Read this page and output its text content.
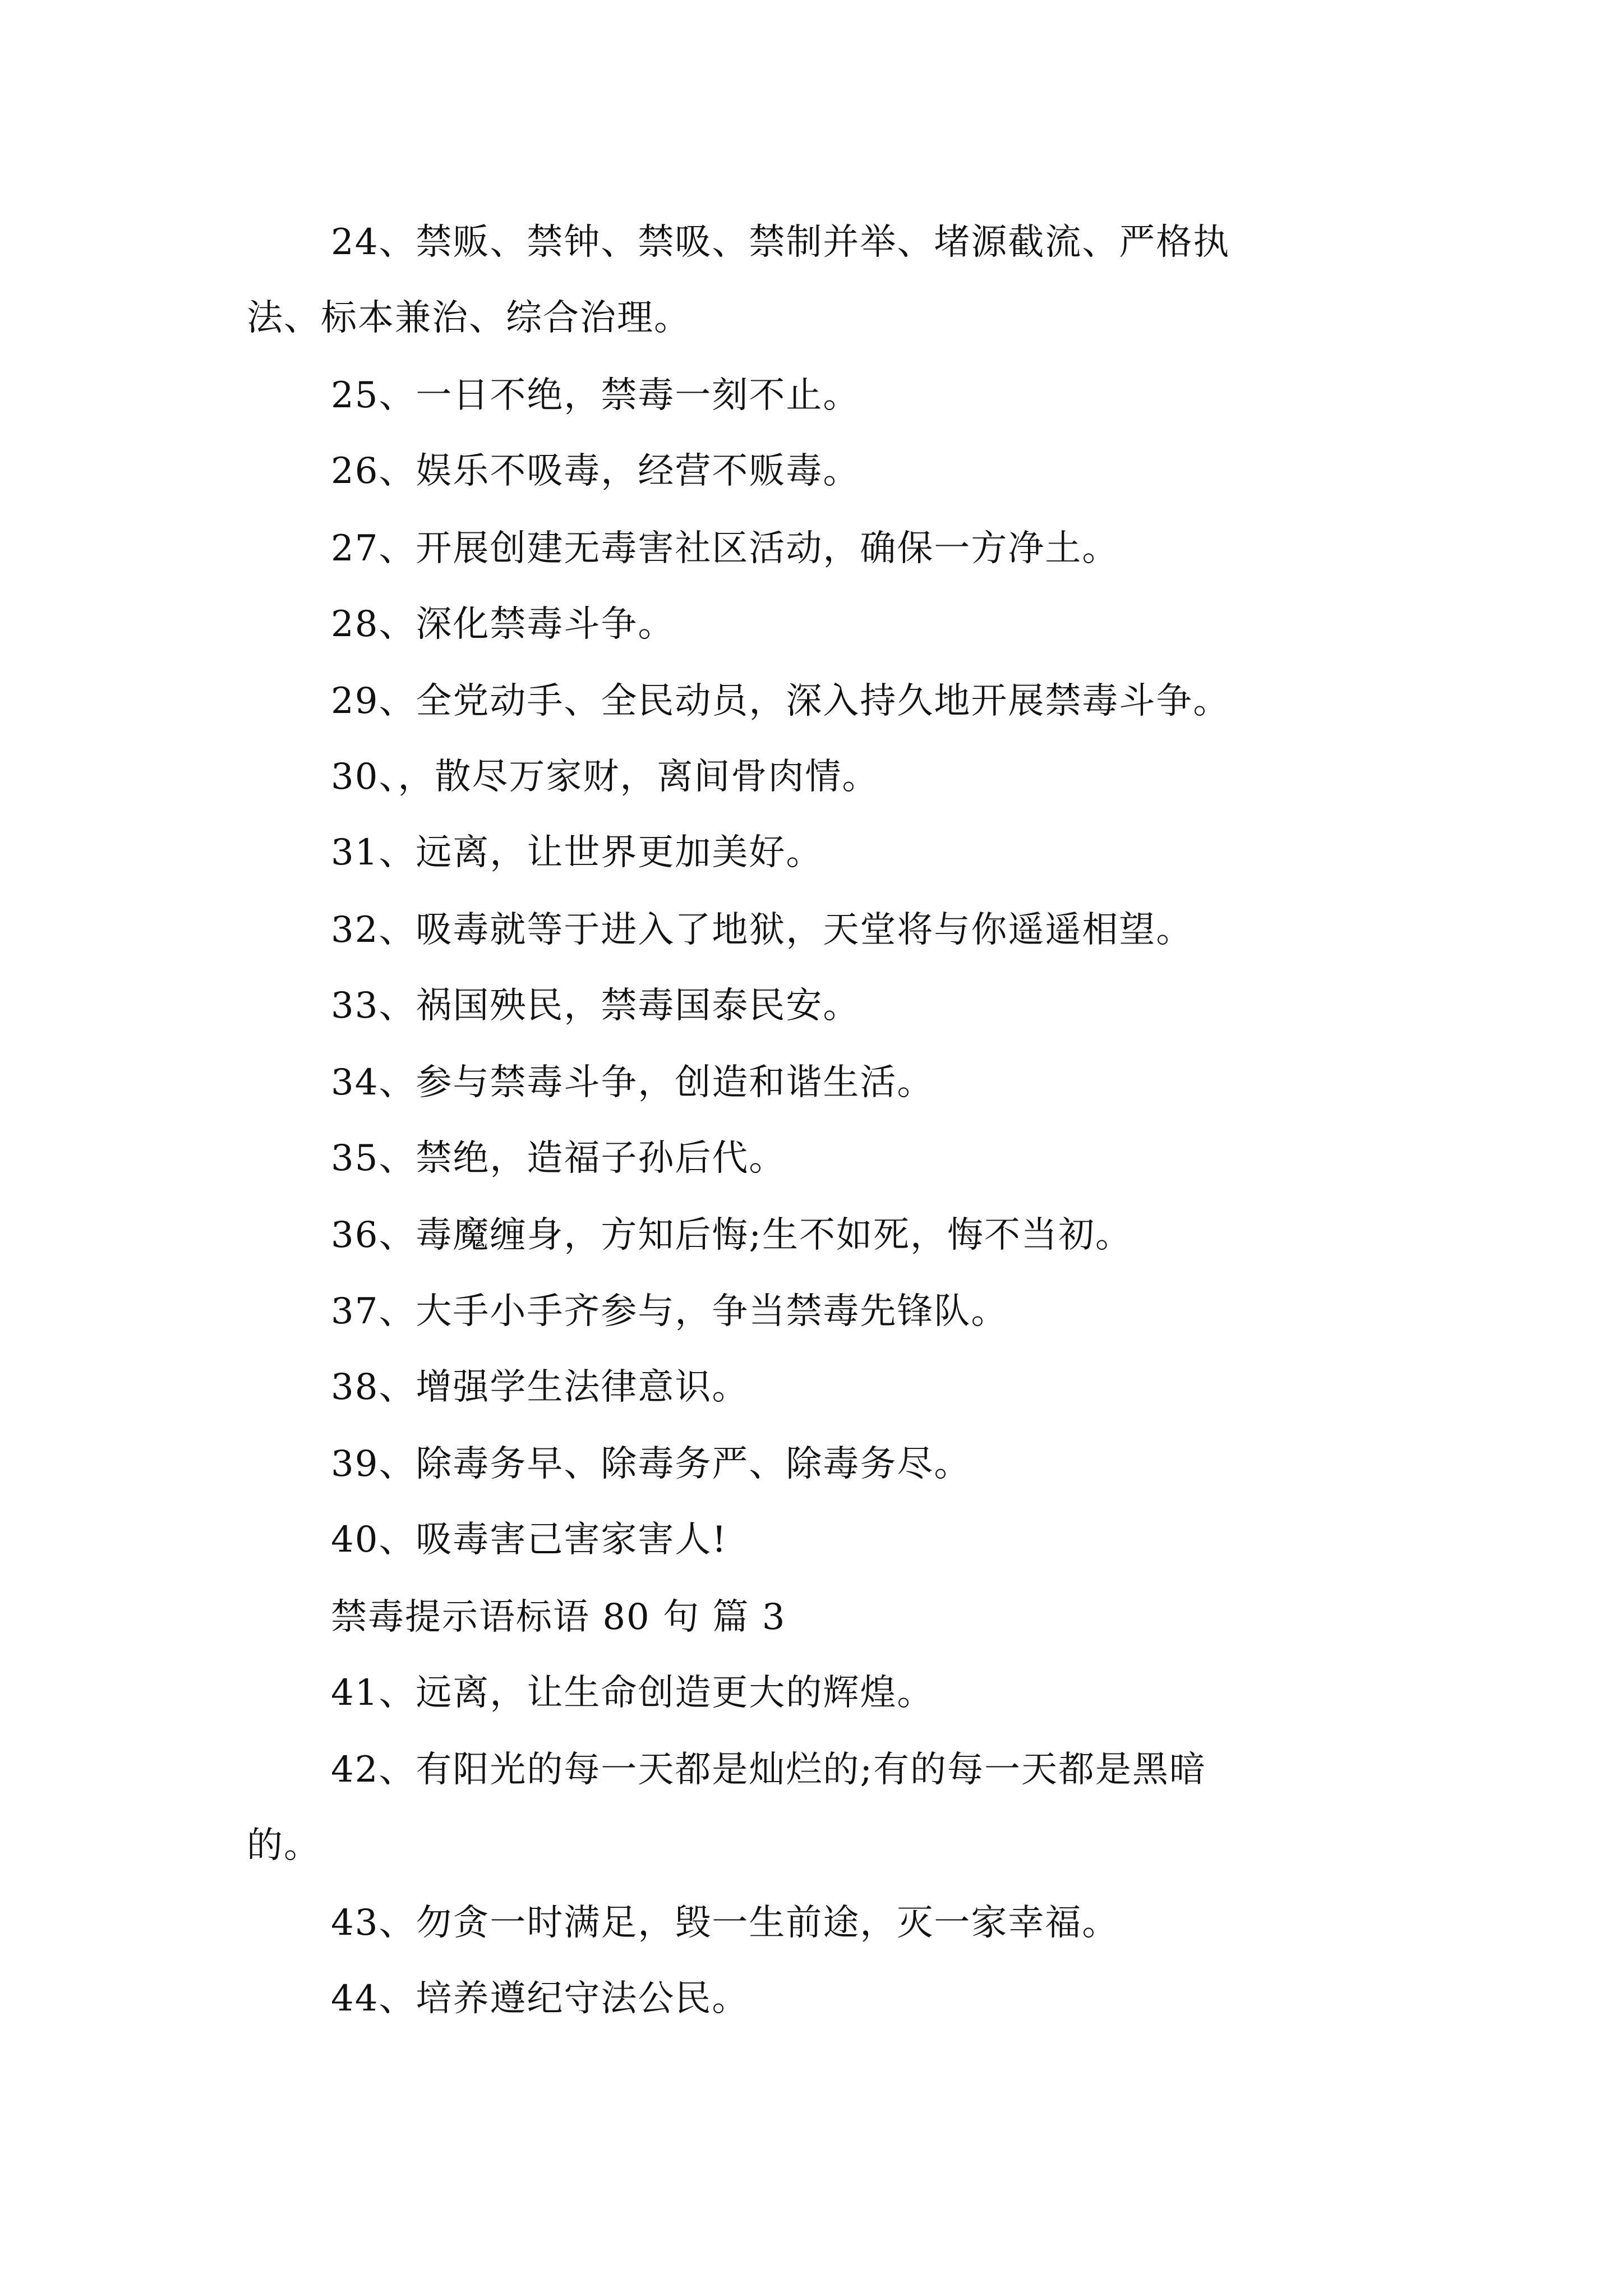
24、禁贩、禁钟、禁吸、禁制并举、堵源截流、严格执
法、标本兼治、综合治理。
25、一日不绝，禁毒一刻不止。
26、娱乐不吸毒，经营不贩毒。
27、开展创建无毒害社区活动，确保一方净土。
28、深化禁毒斗争。
29、全党动手、全民动员，深入持久地开展禁毒斗争。
30、，散尽万家财，离间骨肉情。
31、远离，让世界更加美好。
32、吸毒就等于进入了地狱，天堂将与你遥遥相望。
33、祸国殃民，禁毒国泰民安。
34、参与禁毒斗争，创造和谐生活。
35、禁绝，造福子孙后代。
36、毒魔缠身，方知后悔;生不如死，悔不当初。
37、大手小手齐参与，争当禁毒先锋队。
38、增强学生法律意识。
39、除毒务早、除毒务严、除毒务尽。
40、吸毒害己害家害人!
禁毒提示语标语 80 句 篇 3
41、远离，让生命创造更大的辉煌。
42、有阳光的每一天都是灿烂的;有的每一天都是黑暗
的。
43、勿贪一时满足，毁一生前途，灭一家幸福。
44、培养遵纪守法公民。
